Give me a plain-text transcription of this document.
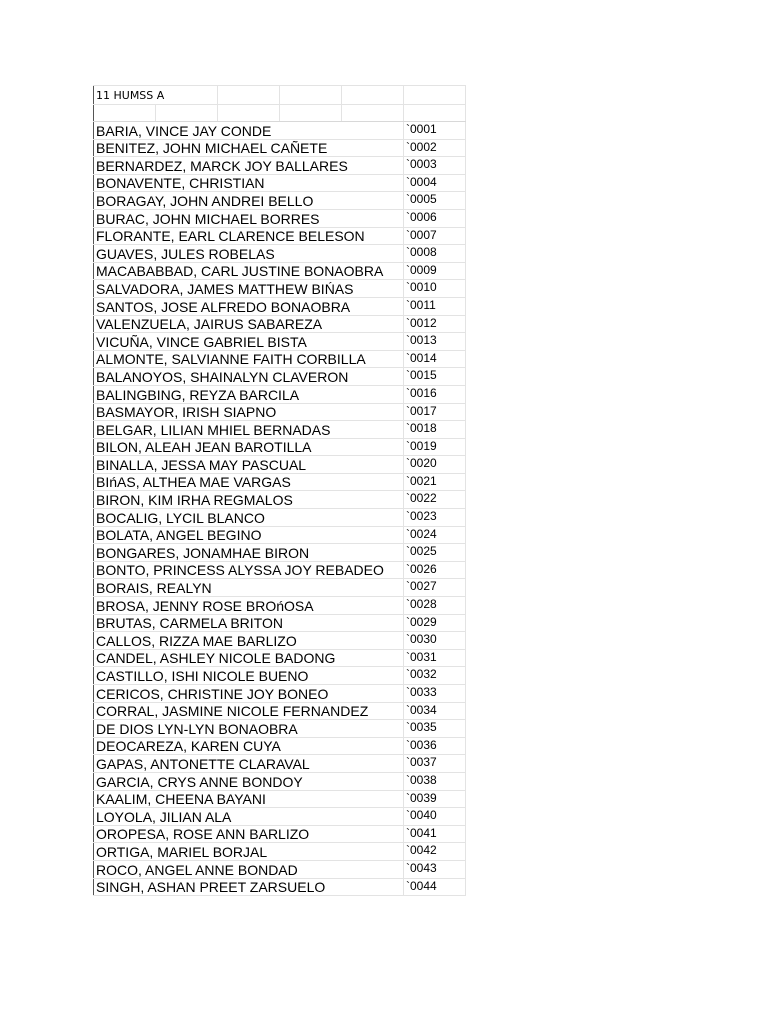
11 HUMSS A					

BARIA, VINCE JAY CONDE					`0001
BENITEZ, JOHN MICHAEL CAÑETE					`0002
BERNARDEZ, MARCK JOY BALLARES					`0003
BONAVENTE, CHRISTIAN					`0004
BORAGAY, JOHN ANDREI BELLO					`0005
BURAC, JOHN MICHAEL BORRES					`0006
FLORANTE, EARL CLARENCE BELESON					`0007
GUAVES, JULES ROBELAS					`0008
MACABABBAD, CARL JUSTINE BONAOBRA					`0009
SALVADORA, JAMES MATTHEW BIŃAS					`0010
SANTOS, JOSE ALFREDO BONAOBRA					`0011
VALENZUELA, JAIRUS SABAREZA					`0012
VICUÑA, VINCE GABRIEL BISTA					`0013
ALMONTE, SALVIANNE FAITH CORBILLA					`0014
BALANOYOS, SHAINALYN CLAVERON					`0015
BALINGBING, REYZA BARCILA					`0016
BASMAYOR, IRISH SIAPNO					`0017
BELGAR, LILIAN MHIEL BERNADAS					`0018
BILON, ALEAH JEAN BAROTILLA					`0019
BINALLA, JESSA MAY PASCUAL					`0020
BIńAS, ALTHEA MAE VARGAS					`0021
BIRON, KIM IRHA REGMALOS					`0022
BOCALIG, LYCIL BLANCO					`0023
BOLATA, ANGEL BEGINO					`0024
BONGARES, JONAMHAE BIRON					`0025
BONTO, PRINCESS ALYSSA JOY REBADEO					`0026
BORAIS, REALYN					`0027
BROSA, JENNY ROSE BROńOSA					`0028
BRUTAS, CARMELA BRITON					`0029
CALLOS, RIZZA MAE BARLIZO					`0030
CANDEL, ASHLEY NICOLE BADONG					`0031
CASTILLO, ISHI NICOLE BUENO					`0032
CERICOS, CHRISTINE JOY BONEO					`0033
CORRAL, JASMINE NICOLE FERNANDEZ					`0034
DE DIOS LYN-LYN BONAOBRA					`0035
DEOCAREZA, KAREN CUYA					`0036
GAPAS, ANTONETTE CLARAVAL					`0037
GARCIA, CRYS ANNE BONDOY					`0038
KAALIM, CHEENA BAYANI					`0039
LOYOLA, JILIAN ALA					`0040
OROPESA, ROSE ANN BARLIZO					`0041
ORTIGA, MARIEL BORJAL					`0042
ROCO, ANGEL ANNE BONDAD					`0043
SINGH, ASHAN PREET ZARSUELO					`0044
